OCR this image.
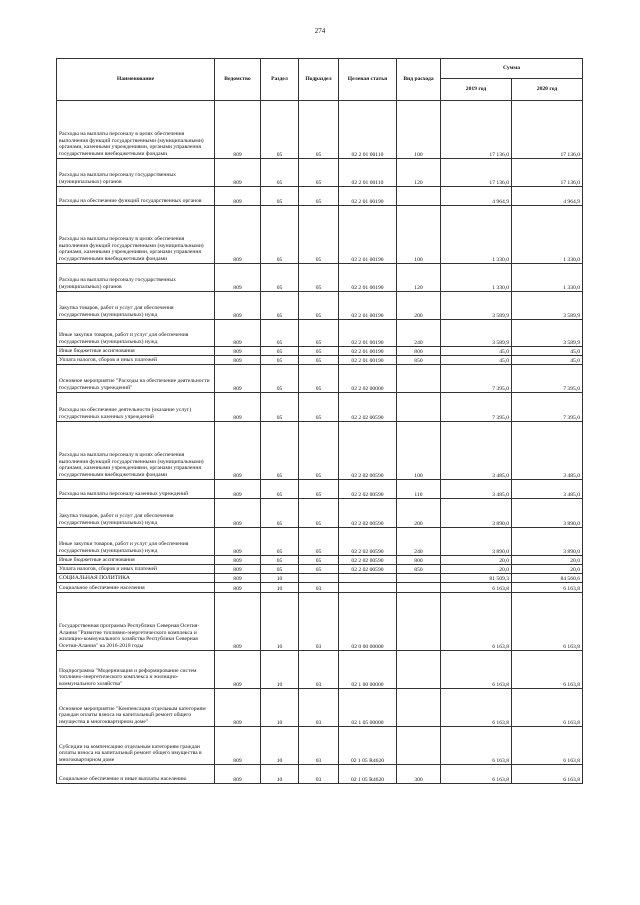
274
Наименование	Ведомство	Раздел	Подраздел	Целевая статья	Вид расхода	Сумма	
						2019 год	2020 год
Расходы на выплаты персоналу в целях обеспечения выполнения функций государственными (муниципальными) органами, казенными учреждениями, органами управления государственными внебюджетными фондами	809	05	05	02 2 01 00110	100	17 136,0	17 136,0
Расходы на выплаты персоналу государственных (муниципальных) органов	809	05	05	02 2 01 00110	120	17 136,0	17 136,0
Расходы на обеспечение функций государственных органов	809	05	05	02 2 01 00190		4 964,9	4 964,9
Расходы на выплаты персоналу в целях обеспечения выполнения функций государственными (муниципальными) органами, казенными учреждениями, органами управления государственными внебюджетными фондами	809	05	05	02 2 01 00190	100	1 330,0	1 330,0
Расходы на выплаты персоналу государственных (муниципальных) органов	809	05	05	02 2 01 00190	120	1 330,0	1 330,0
Закупка товаров, работ и услуг для обеспечения государственных (муниципальных) нужд	809	05	05	02 2 01 00190	200	3 589,9	3 589,9
Иные закупки товаров, работ и услуг для обеспечения государственных (муниципальных) нужд	809	05	05	02 2 01 00190	240	3 589,9	3 589,9
Иные бюджетные ассигнования	809	05	05	02 2 01 00190	800	45,0	45,0
Уплата налогов, сборов и иных платежей	809	05	05	02 2 01 00190	850	45,0	45,0
Основное мероприятие "Расходы на обеспечение деятельности государственных учреждений"	809	05	05	02 2 02 00000		7 395,0	7 395,0
Расходы на обеспечение деятельности (оказание услуг) государственных казенных учреждений	809	05	05	02 2 02 00590		7 395,0	7 395,0
Расходы на выплаты персоналу в целях обеспечения выполнения функций государственными (муниципальными) органами, казенными учреждениями, органами управления государственными внебюджетными фондами	809	05	05	02 2 02 00590	100	3 485,0	3 485,0
Расходы на выплаты персоналу казенных учреждений	809	05	05	02 2 02 00590	110	3 485,0	3 485,0
Закупка товаров, работ и услуг для обеспечения государственных (муниципальных) нужд	809	05	05	02 2 02 00590	200	3 890,0	3 890,0
Иные закупки товаров, работ и услуг для обеспечения государственных (муниципальных) нужд	809	05	05	02 2 02 00590	240	3 890,0	3 890,0
Иные бюджетные ассигнования	809	05	05	02 2 02 00590	800	20,0	20,0
Уплата налогов, сборов и иных платежей	809	05	05	02 2 02 00590	850	20,0	20,0
СОЦИАЛЬНАЯ ПОЛИТИКА	809	10				81 509,3	84 560,6
Социальное обеспечение населения	809	10	03			6 163,8	6 163,8
Государственная программа Республики Северная Осетия-Алания "Развитие топливно-энергетического комплекса и жилищно-коммунального хозяйства Республики Северная Осетия-Алания" на 2016-2018 годы	809	10	03	02 0 00 00000		6 163,8	6 163,8
Подпрограмма "Модернизация и реформирование систем топливно-энергетического комплекса и жилищно-коммунального хозяйства"	809	10	03	02 1 00 00000		6 163,8	6 163,8
Основное мероприятие "Компенсация отдельным категориям граждан оплаты взноса на капитальный ремонт общего имущества в многоквартирном доме"	809	10	03	02 1 05 00000		6 163,8	6 163,8
Субсидии на компенсацию отдельным категориям граждан оплаты взноса на капитальный ремонт общего имущества в многоквартирном доме	809	10	03	02 1 05 R4620		6 163,8	6 163,8
Социальное обеспечение и иные выплаты населению	809	10	03	02 1 05 R4620	300	6 163,8	6 163,8
